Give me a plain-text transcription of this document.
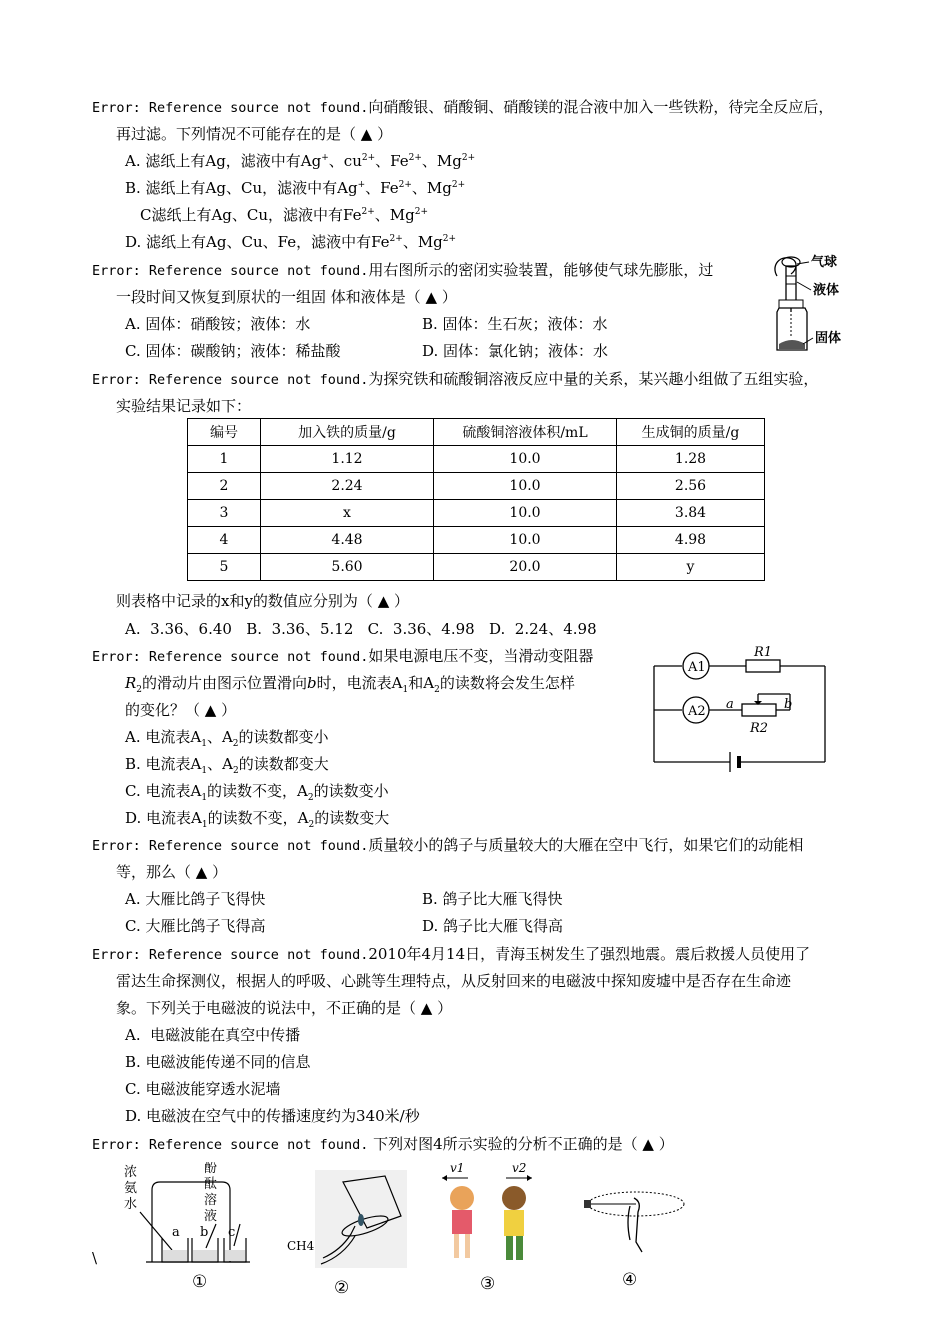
Error: Reference source not found.向硝酸银、硝酸铜、硝酸镁的混合液中加入一些铁粉，待完全反应后，
再过滤。下列情况不可能存在的是（ ▲ ）
A. 滤纸上有Ag，滤液中有Ag+、$cu^{2+}$、$Fe^{2+}$、$Mg^{2+}$
B. 滤纸上有Ag、Cu，滤液中有Ag+、$Fe^{2+}$、$Mg^{2+}$
C滤纸上有Ag、Cu，滤液中有$Fe^{2+}$、$Mg^{2+}$
D. 滤纸上有Ag、Cu、Fe，滤液中有$Fe^{2+}$、$Mg^{2+}$
Error: Reference source not found.用右图所示的密闭实验装置，能够使气球先膨胀，过
一段时间又恢复到原状的一组固 体和液体是（ ▲ ）
A. 固体：硝酸铵；液体：水	B. 固体：生石灰；液体：水
C. 固体：碳酸钠；液体：稀盐酸	D. 固体：氯化钠；液体：水
气球
液体
固体
Error: Reference source not found.为探究铁和硫酸铜溶液反应中量的关系，某兴趣小组做了五组实验，
实验结果记录如下：
编号	加入铁的质量/g	硫酸铜溶液体积/mL	生成铜的质量/g
1	1.12	10.0	1.28
2	2.24	10.0	2.56
3	x	10.0	3.84
4	4.48	10.0	4.98
5	5.60	20.0	y
则表格中记录的x和y的数值应分别为（ ▲ ）
A.  3.36、6.40   B.  3.36、5.12   C.  3.36、4.98   D.  2.24、4.98
Error: Reference source not found.如果电源电压不变，当滑动变阻器
$R_2$的滑动片由图示位置滑向b时，电流表$A_1$和$A_2$的读数将会发生怎样
的变化？（ ▲ ）
A. 电流表$A_1$、$A_2$的读数都变小
B. 电流表$A_1$、$A_2$的读数都变大
C. 电流表$A_1$的读数不变，$A_2$的读数变小
D. 电流表$A_1$的读数不变，$A_2$的读数变大
A1
A2
R1
R2
a	b
Error: Reference source not found.质量较小的鸽子与质量较大的大雁在空中飞行，如果它们的动能相
等，那么（ ▲ ）
A. 大雁比鸽子飞得快	B. 鸽子比大雁飞得快
C. 大雁比鸽子飞得高	D. 鸽子比大雁飞得高
Error: Reference source not found.2010年4月14日，青海玉树发生了强烈地震。震后救援人员使用了
雷达生命探测仪，根据人的呼吸、心跳等生理特点，从反射回来的电磁波中探知废墟中是否存在生命迹
象。下列关于电磁波的说法中，不正确的是（ ▲ ）
A.  电磁波能在真空中传播
B. 电磁波能传递不同的信息
C. 电磁波能穿透水泥墙
D. 电磁波在空气中的传播速度约为340米/秒
Error: Reference source not found. 下列对图4所示实验的分析不正确的是（ ▲ ）
\
浓
氨
水
酚
酞
溶
液
a b c
CH4
v1	v2
①	②	③	④
